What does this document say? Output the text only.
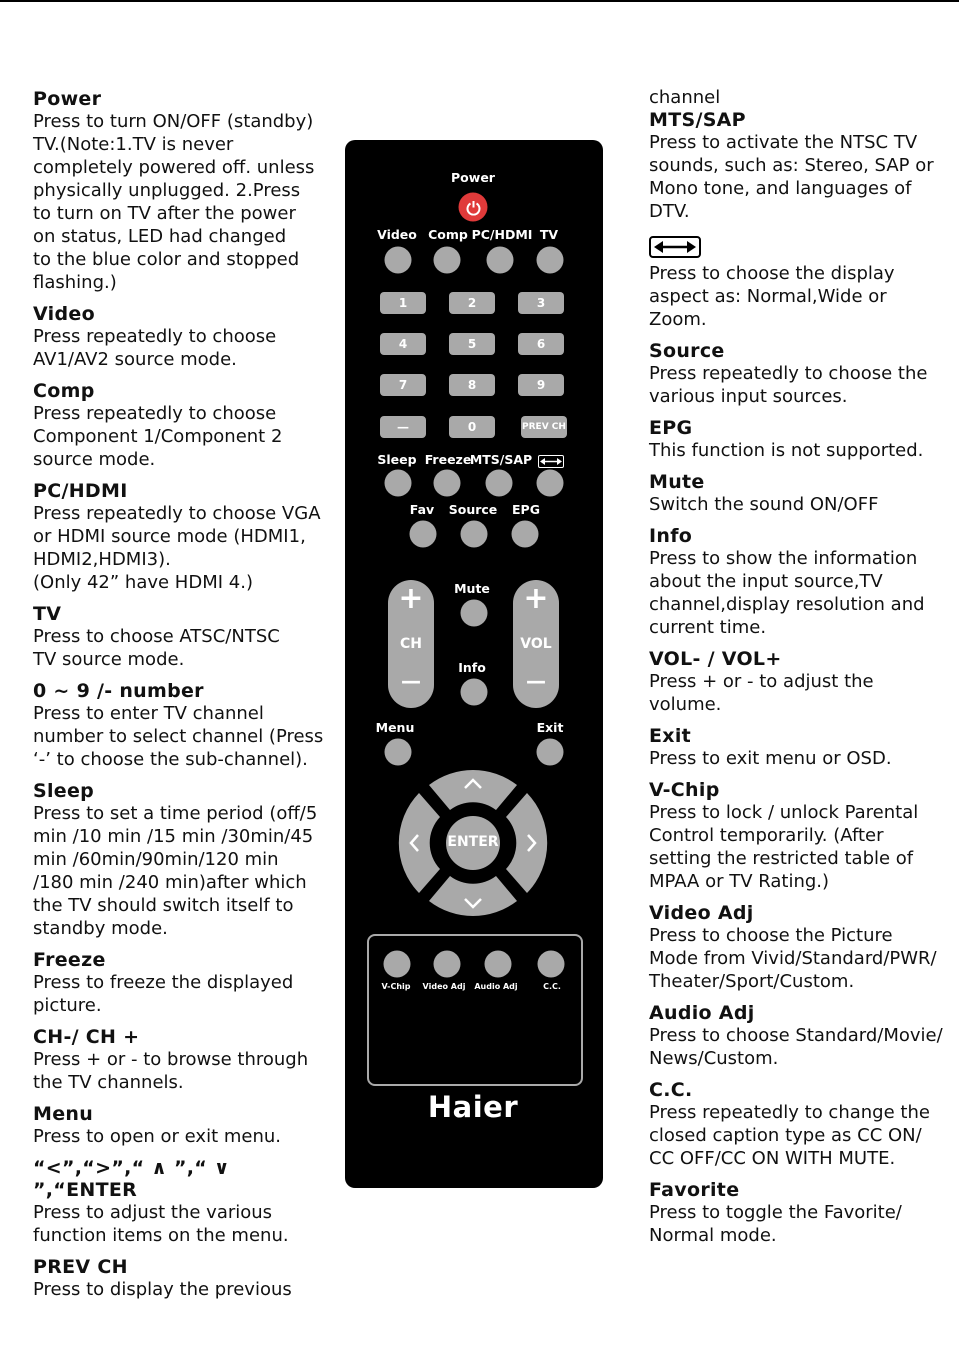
Power
Press to turn ON/OFF (standby)
TV.(Note:1.TV is never
completely powered off. unless
physically unplugged. 2.Press
to turn on TV after the power
on status, LED had changed
to the blue color and stopped
flashing.)
Video
Press repeatedly to choose
AV1/AV2 source mode.
Comp
Press repeatedly to choose
Component 1/Component 2
source mode.
PC/HDMI
Press repeatedly to choose VGA
or HDMI source mode (HDMI1,
HDMI2,HDMI3).
(Only 42” have HDMI 4.)
TV
Press to choose ATSC/NTSC
TV source mode.
0 ~ 9 /- number
Press to enter TV channel
number to select channel (Press
‘-’ to choose the sub-channel).
Sleep
Press to set a time period (off/5
min /10 min /15 min /30min/45
min /60min/90min/120 min
/180 min /240 min)after which
the TV should switch itself to
standby mode.
Freeze
Press to freeze the displayed
picture.
CH-/ CH +
Press + or - to browse through
the TV channels.
Menu
Press to open or exit menu.
“<”,“>”,“ ∧ ”,“ ∨ ”,“ENTER
Press to adjust the various
function items on the menu.
PREV CH
Press to display the previous
Power
Video Comp PC/HDMI TV
1	2	3
4	5	6
7	8	9
—	0	PREV CH
Sleep Freeze
MTS/SAP
Fav Source EPG
+
CH
—
+
VOL
—
Mute
Info
Menu	Exit
ENTER
V-Chip Video Adj Audio Adj	C.C.
Haier
channel
MTS/SAP
Press to activate the NTSC TV
sounds, such as: Stereo, SAP or
Mono tone, and languages of
DTV.
Press to choose the display
aspect as: Normal,Wide or
Zoom.
Source
Press repeatedly to choose the
various input sources.
EPG
This function is not supported.
Mute
Switch the sound ON/OFF
Info
Press to show the information
about the input source,TV
channel,display resolution and
current time.
VOL- / VOL+
Press + or - to adjust the
volume.
Exit
Press to exit menu or OSD.
V-Chip
Press to lock / unlock Parental
Control temporarily. (After
setting the restricted table of
MPAA or TV Rating.)
Video Adj
Press to choose the Picture
Mode from Vivid/Standard/PWR/
Theater/Sport/Custom.
Audio Adj
Press to choose Standard/Movie/
News/Custom.
C.C.
Press repeatedly to change the
closed caption type as CC ON/
CC OFF/CC ON WITH MUTE.
Favorite
Press to toggle the Favorite/
Normal mode.
